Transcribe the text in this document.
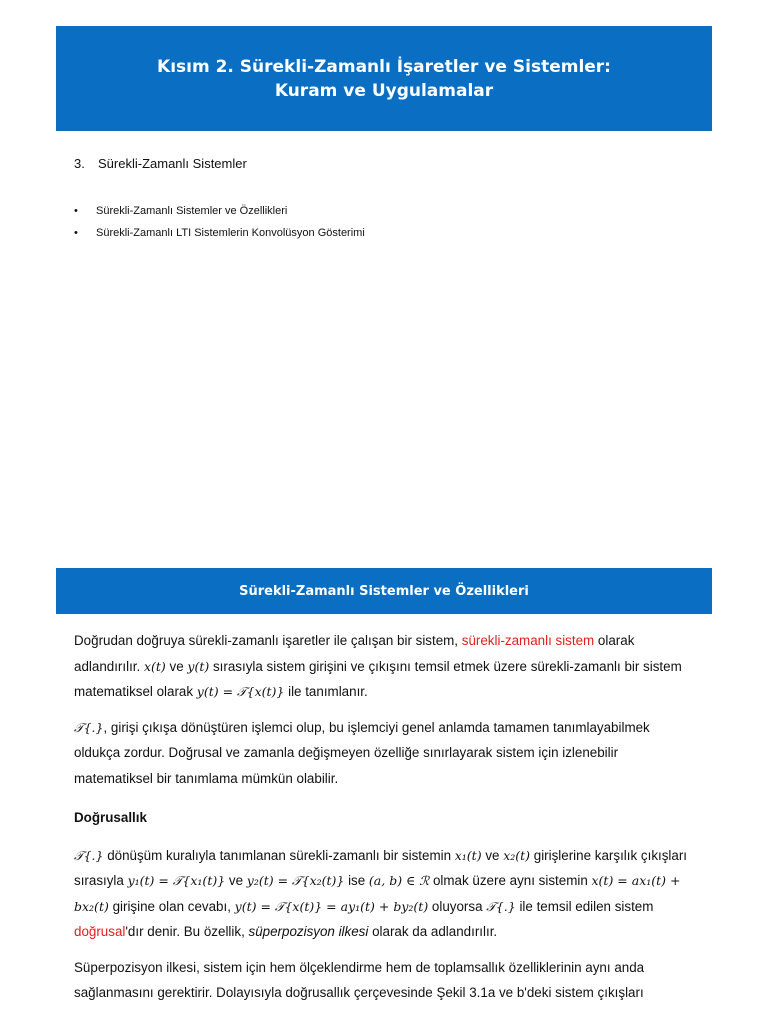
Kısım 2. Sürekli-Zamanlı İşaretler ve Sistemler:
Kuram ve Uygulamalar
3. Sürekli-Zamanlı Sistemler
• Sürekli-Zamanlı Sistemler ve Özellikleri
• Sürekli-Zamanlı LTI Sistemlerin Konvolüsyon Gösterimi
Sürekli-Zamanlı Sistemler ve Özellikleri

Doğrudan doğruya sürekli-zamanlı işaretler ile çalışan bir sistem, sürekli-zamanlı sistem olarak adlandırılır. x(t) ve y(t) sırasıyla sistem girişini ve çıkışını temsil etmek üzere sürekli-zamanlı bir sistem matematiksel olarak y(t) = 𝒯{x(t)} ile tanımlanır.

𝒯{.}, girişi çıkışa dönüştüren işlemci olup, bu işlemciyi genel anlamda tamamen tanımlayabilmek oldukça zordur. Doğrusal ve zamanla değişmeyen özelliğe sınırlayarak sistem için izlenebilir matematiksel bir tanımlama mümkün olabilir.

Doğrusallık

𝒯{.} dönüşüm kuralıyla tanımlanan sürekli-zamanlı bir sistemin x₁(t) ve x₂(t) girişlerine karşılık çıkışları sırasıyla y₁(t) = 𝒯{x₁(t)} ve y₂(t) = 𝒯{x₂(t)} ise (a, b) ∈ ℛ olmak üzere aynı sistemin x(t) = ax₁(t) + bx₂(t) girişine olan cevabı, y(t) = 𝒯{x(t)} = ay₁(t) + by₂(t) oluyorsa 𝒯{.} ile temsil edilen sistem doğrusal'dır denir. Bu özellik, süperpozisyon ilkesi olarak da adlandırılır.

Süperpozisyon ilkesi, sistem için hem ölçeklendirme hem de toplamsallık özelliklerinin aynı anda sağlanmasını gerektirir. Dolayısıyla doğrusallık çerçevesinde Şekil 3.1a ve b'deki sistem çıkışları
